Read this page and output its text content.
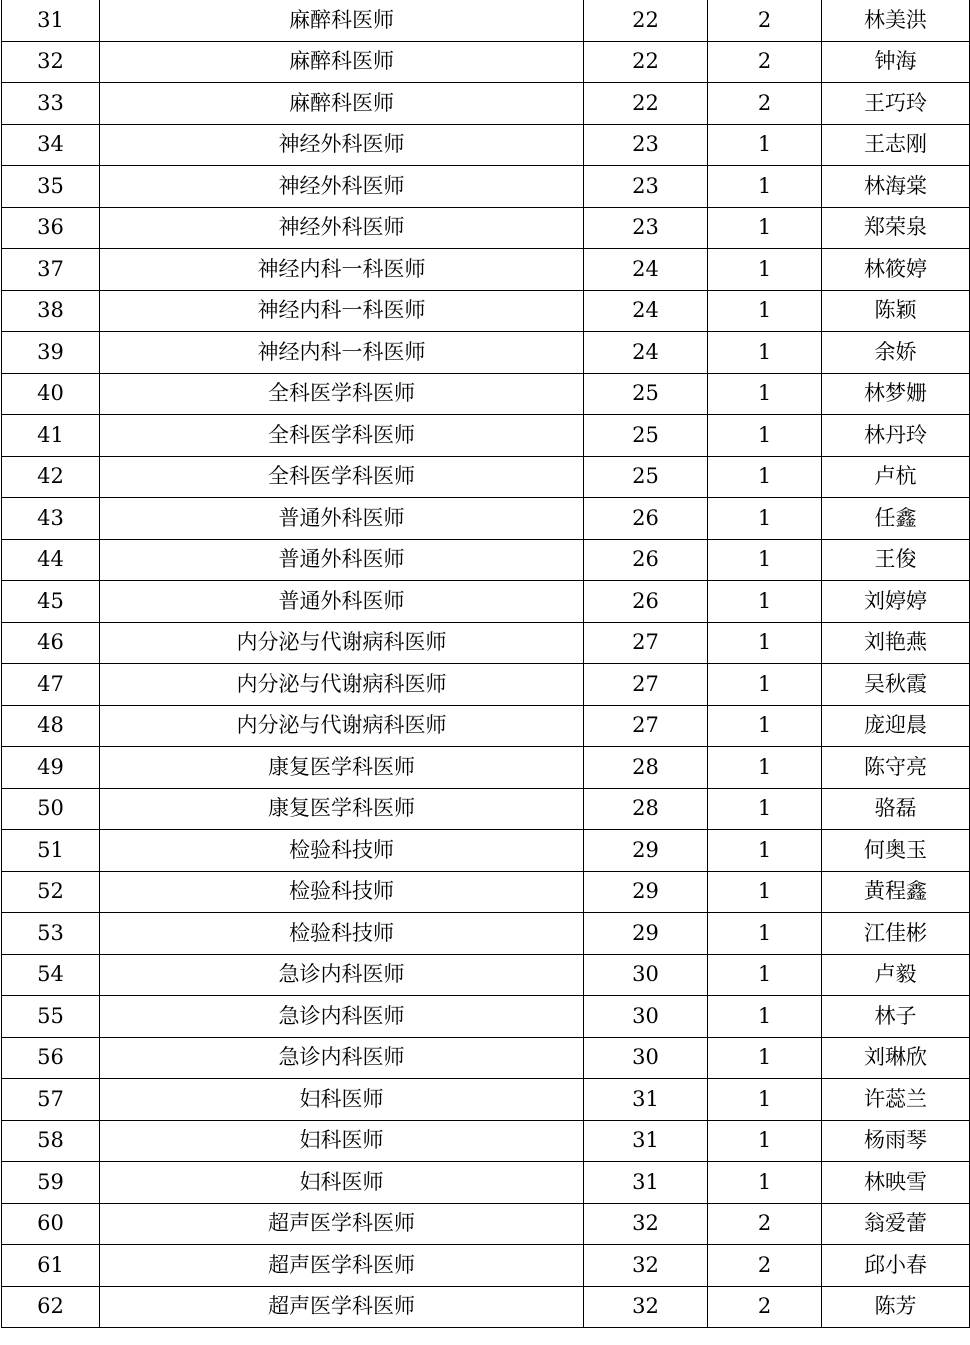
31	麻醉科医师	22	2	林美洪
32	麻醉科医师	22	2	钟海
33	麻醉科医师	22	2	王巧玲
34	神经外科医师	23	1	王志刚
35	神经外科医师	23	1	林海棠
36	神经外科医师	23	1	郑荣泉
37	神经内科一科医师	24	1	林筱婷
38	神经内科一科医师	24	1	陈颖
39	神经内科一科医师	24	1	余娇
40	全科医学科医师	25	1	林梦姗
41	全科医学科医师	25	1	林丹玲
42	全科医学科医师	25	1	卢杭
43	普通外科医师	26	1	任鑫
44	普通外科医师	26	1	王俊
45	普通外科医师	26	1	刘婷婷
46	内分泌与代谢病科医师	27	1	刘艳燕
47	内分泌与代谢病科医师	27	1	吴秋霞
48	内分泌与代谢病科医师	27	1	庞迎晨
49	康复医学科医师	28	1	陈守亮
50	康复医学科医师	28	1	骆磊
51	检验科技师	29	1	何奥玉
52	检验科技师	29	1	黄程鑫
53	检验科技师	29	1	江佳彬
54	急诊内科医师	30	1	卢毅
55	急诊内科医师	30	1	林子
56	急诊内科医师	30	1	刘琳欣
57	妇科医师	31	1	许蕊兰
58	妇科医师	31	1	杨雨琴
59	妇科医师	31	1	林映雪
60	超声医学科医师	32	2	翁爱蕾
61	超声医学科医师	32	2	邱小春
62	超声医学科医师	32	2	陈芳
